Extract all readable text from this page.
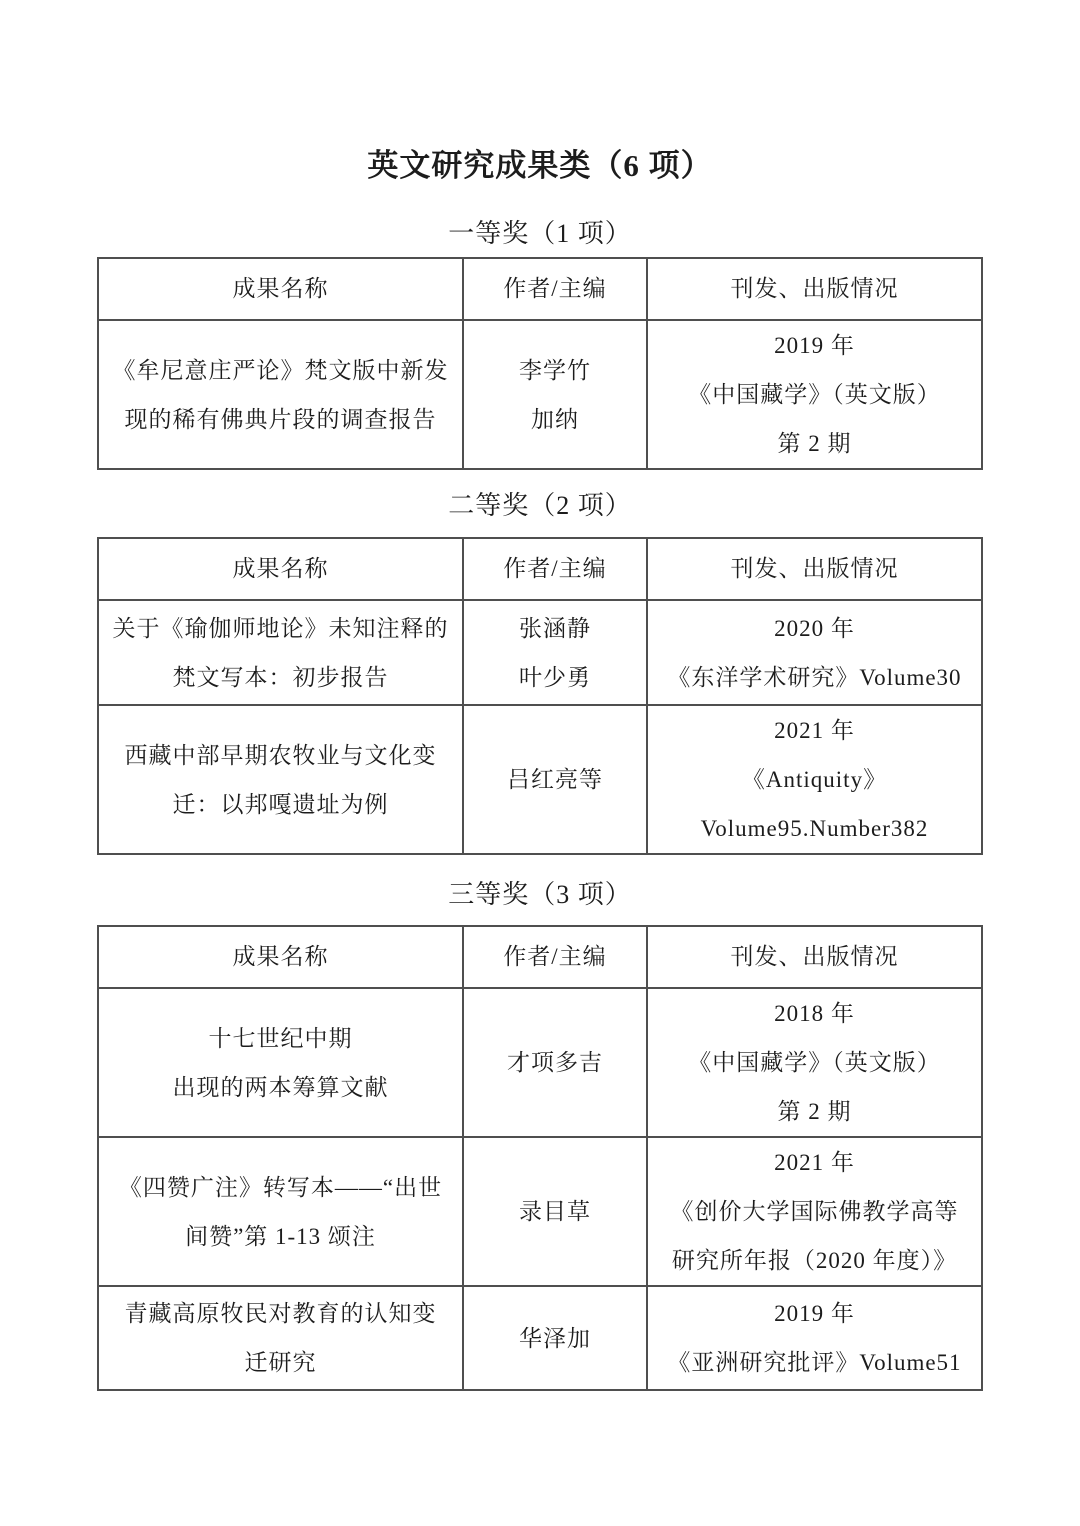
英文研究成果类（6 项）
一等奖（1 项）
成果名称	作者/主编	刊发、出版情况

《牟尼意庄严论》梵文版中新发
现的稀有佛典片段的调查报告	李学竹
加纳	2019 年
《中国藏学》（英文版）
第 2 期
二等奖（2 项）
成果名称	作者/主编	刊发、出版情况

关于《瑜伽师地论》未知注释的
梵文写本：初步报告	张涵静
叶少勇	2020 年
《东洋学术研究》Volume30

西藏中部早期农牧业与文化变
迁：以邦嘎遗址为例	吕红亮等	2021 年
《Antiquity》
Volume95.Number382
三等奖（3 项）
成果名称	作者/主编	刊发、出版情况

十七世纪中期
出现的两本筹算文献	才项多吉	2018 年
《中国藏学》（英文版）
第 2 期

《四赞广注》转写本——“出世
间赞”第 1-13 颂注	录目草	2021 年
《创价大学国际佛教学高等
研究所年报（2020 年度）》

青藏高原牧民对教育的认知变
迁研究	华泽加	2019 年
《亚洲研究批评》Volume51
